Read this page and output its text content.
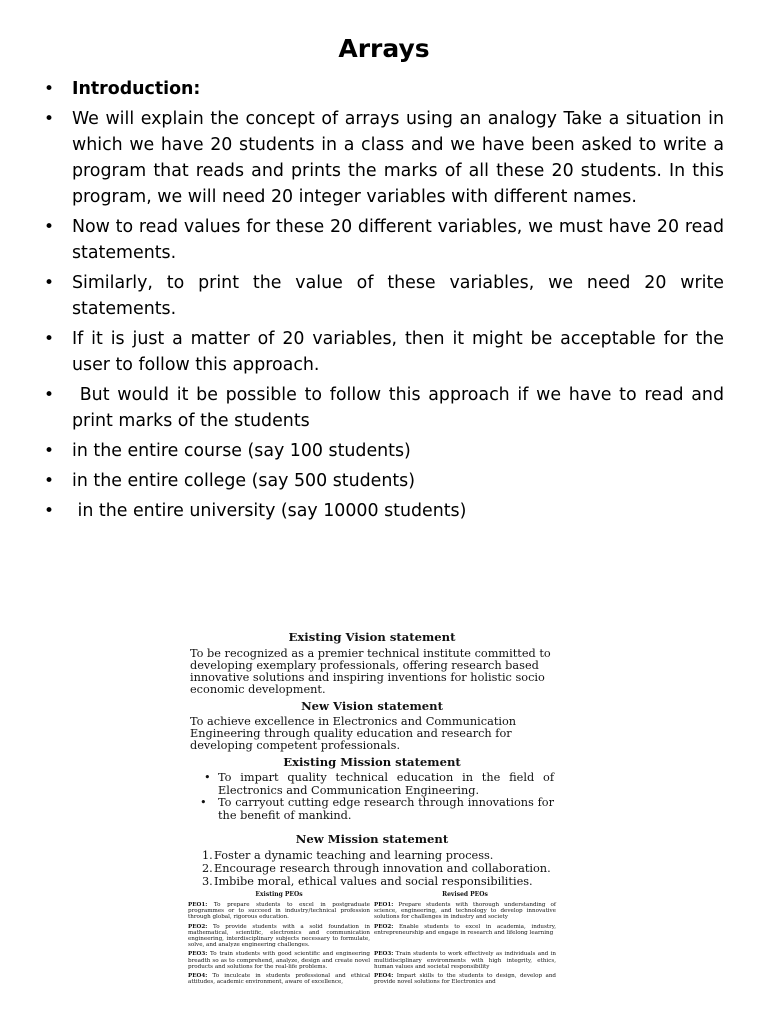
Arrays
• Introduction:
• We will explain the concept of arrays using an analogy Take a situation in which we have 20 students in a class and we have been asked to write a program that reads and prints the marks of all these 20 students. In this program, we will need 20 integer variables with different names.
• Now to read values for these 20 different variables, we must have 20 read statements.
• Similarly, to print the value of these variables, we need 20 write statements.
• If it is just a matter of 20 variables, then it might be acceptable for the user to follow this approach.
• But would it be possible to follow this approach if we have to read and print marks of the students
• in the entire course (say 100 students)
• in the entire college (say 500 students)
• in the entire university (say 10000 students)
Existing Vision statement
To be recognized as a premier technical institute committed to developing exemplary professionals, offering research based innovative solutions and inspiring inventions for holistic socio economic development.
New Vision statement
To achieve excellence in Electronics and Communication Engineering through quality education and research for developing competent professionals.
Existing Mission statement
• To impart quality technical education in the field of Electronics and Communication Engineering.
• To carryout cutting edge research through innovations for the benefit of mankind.
New Mission statement
1. Foster a dynamic teaching and learning process.
2. Encourage research through innovation and collaboration.
3. Imbibe moral, ethical values and social responsibilities.
Existing PEOs	Revised PEOs
PEO1: To prepare students to excel in postgraduate programmes or to succeed in industry/technical profession through global, rigorous education.
PEO1: Prepare students with thorough understanding of science, engineering, and technology to develop innovative solutions for challenges in industry and society
PEO2: To provide students with a solid foundation in mathematical, scientific, electronics and communication engineering, interdisciplinary subjects necessary to formulate, solve, and analyze engineering challenges.
PEO2: Enable students to excel in academia, industry, entrepreneurship and engage in research and lifelong learning
PEO3: To train students with good scientific and engineering breadth so as to comprehend, analyze, design and create novel products and solutions for the real-life problems.
PEO3: Train students to work effectively as individuals and in multidisciplinary environments with high integrity, ethics, human values and societal responsibility
PEO4: To inculcate in students professional and ethical attitudes, academic environment, aware of excellence,
PEO4: Impart skills to the students to design, develop and provide novel solutions for Electronics and
